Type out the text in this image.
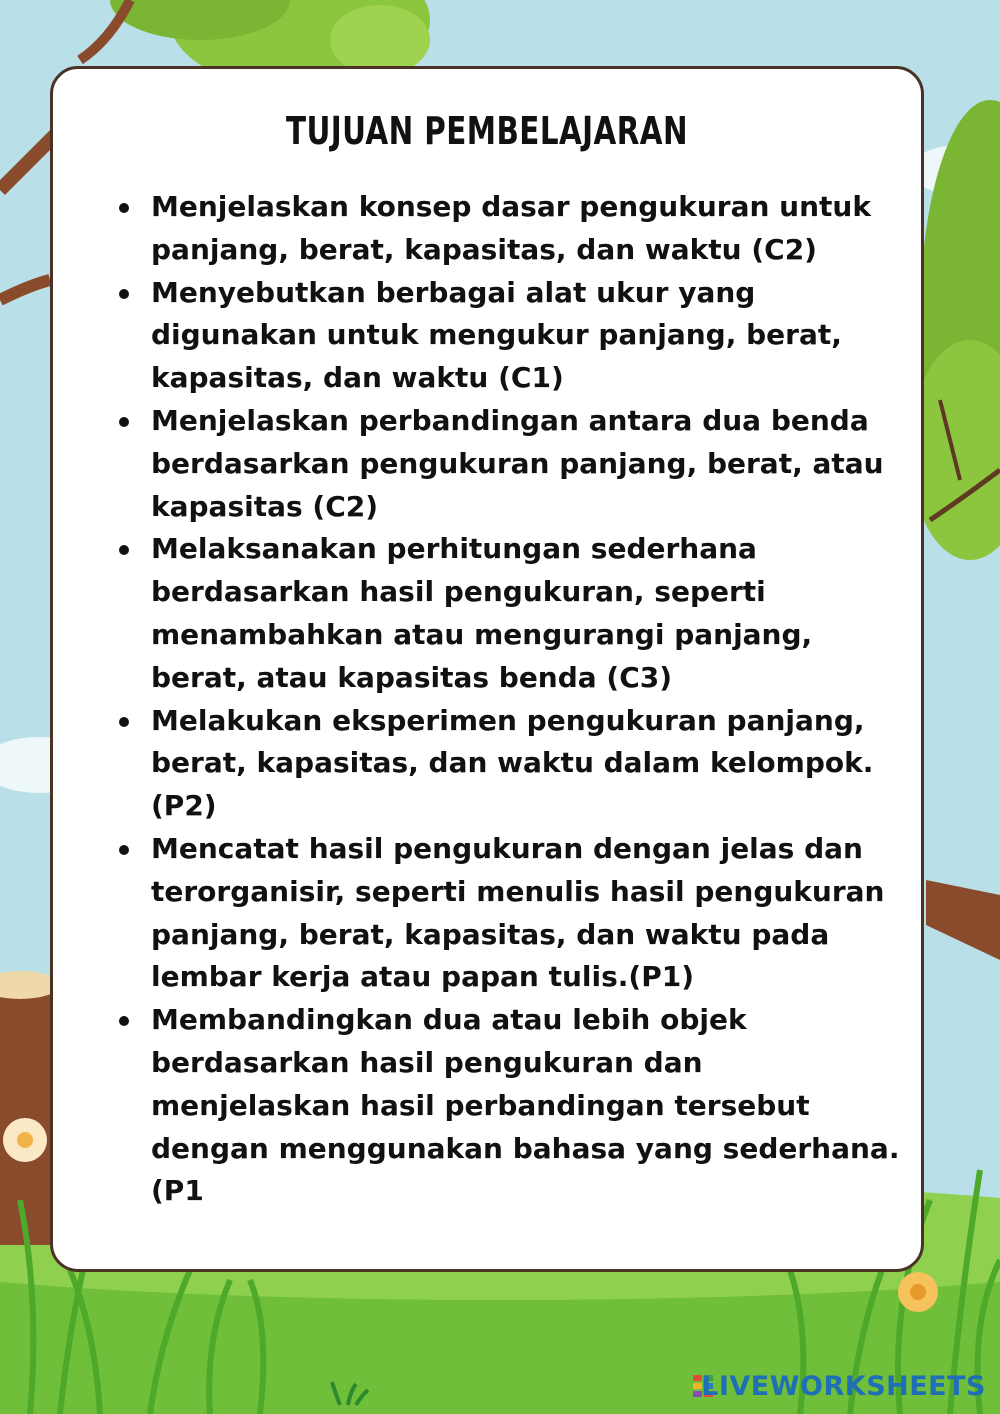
TUJUAN PEMBELAJARAN
Menjelaskan konsep dasar pengukuran untuk panjang, berat, kapasitas, dan waktu (C2)
Menyebutkan berbagai alat ukur yang digunakan untuk mengukur panjang, berat, kapasitas, dan waktu (C1)
Menjelaskan perbandingan antara dua benda berdasarkan pengukuran panjang, berat, atau kapasitas (C2)
Melaksanakan perhitungan sederhana berdasarkan hasil pengukuran, seperti menambahkan atau mengurangi panjang, berat, atau kapasitas benda (C3)
Melakukan eksperimen pengukuran panjang, berat, kapasitas, dan waktu dalam kelompok. (P2)
Mencatat hasil pengukuran dengan jelas dan terorganisir, seperti menulis hasil pengukuran panjang, berat, kapasitas, dan waktu pada lembar kerja atau papan tulis.(P1)
Membandingkan dua atau lebih objek berdasarkan hasil pengukuran dan menjelaskan hasil perbandingan tersebut dengan menggunakan bahasa yang sederhana. (P1
LIVEWORKSHEETS
